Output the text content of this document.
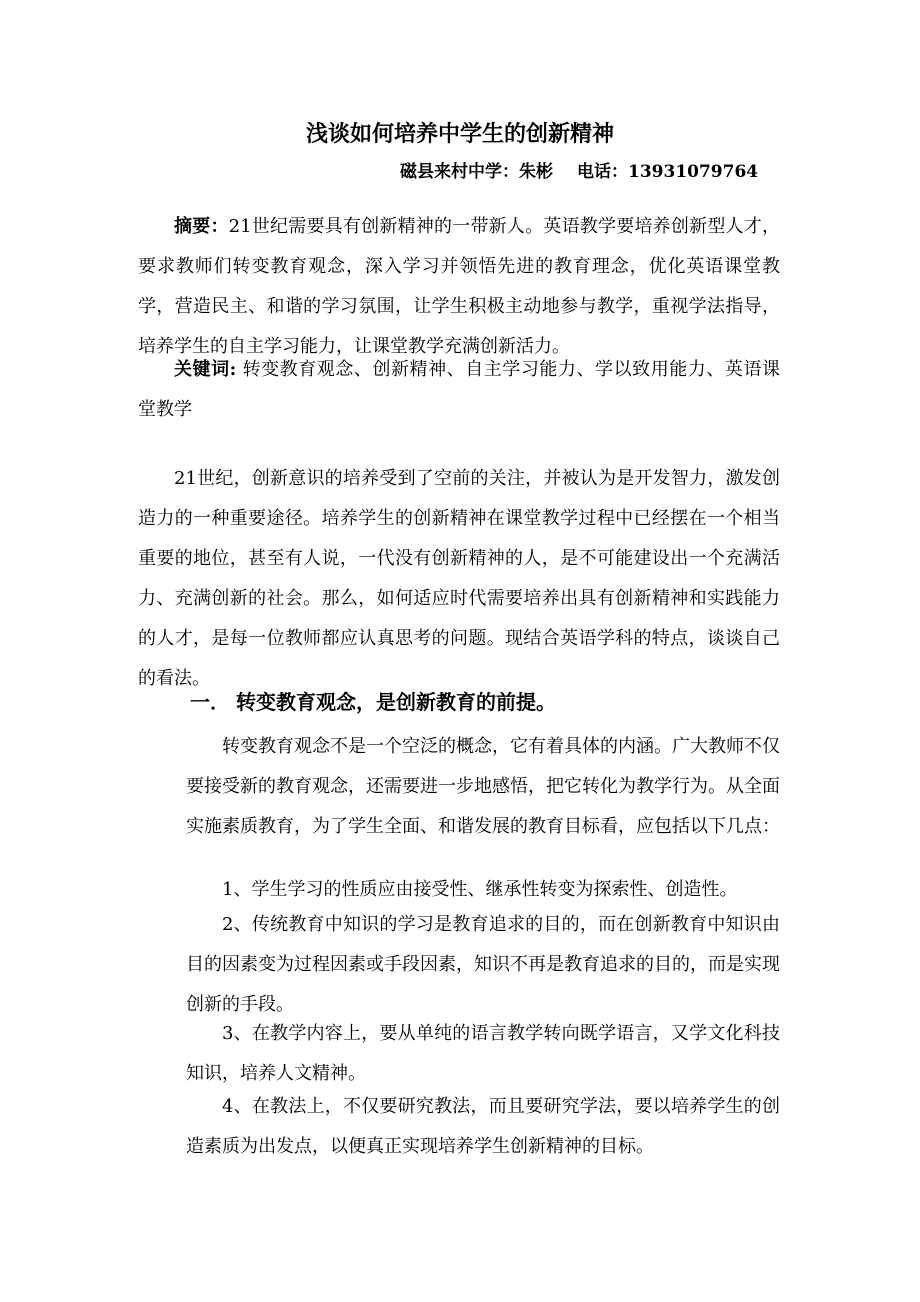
浅谈如何培养中学生的创新精神
磁县来村中学：朱彬 电话：13931079764

摘要：21世纪需要具有创新精神的一带新人。英语教学要培养创新型人才，要求教师们转变教育观念，深入学习并领悟先进的教育理念，优化英语课堂教学，营造民主、和谐的学习氛围，让学生积极主动地参与教学，重视学法指导，培养学生的自主学习能力，让课堂教学充满创新活力。

关键词: 转变教育观念、创新精神、自主学习能力、学以致用能力、英语课堂教学

21世纪，创新意识的培养受到了空前的关注，并被认为是开发智力，激发创造力的一种重要途径。培养学生的创新精神在课堂教学过程中已经摆在一个相当重要的地位，甚至有人说，一代没有创新精神的人，是不可能建设出一个充满活力、充满创新的社会。那么，如何适应时代需要培养出具有创新精神和实践能力的人才，是每一位教师都应认真思考的问题。现结合英语学科的特点，谈谈自己的看法。

一． 转变教育观念，是创新教育的前提。

转变教育观念不是一个空泛的概念，它有着具体的内涵。广大教师不仅要接受新的教育观念，还需要进一步地感悟，把它转化为教学行为。从全面实施素质教育，为了学生全面、和谐发展的教育目标看，应包括以下几点：

1、学生学习的性质应由接受性、继承性转变为探索性、创造性。

2、传统教育中知识的学习是教育追求的目的，而在创新教育中知识由目的因素变为过程因素或手段因素，知识不再是教育追求的目的，而是实现创新的手段。

3、在教学内容上，要从单纯的语言教学转向既学语言，又学文化科技知识，培养人文精神。

4、在教法上，不仅要研究教法，而且要研究学法，要以培养学生的创造素质为出发点，以便真正实现培养学生创新精神的目标。
